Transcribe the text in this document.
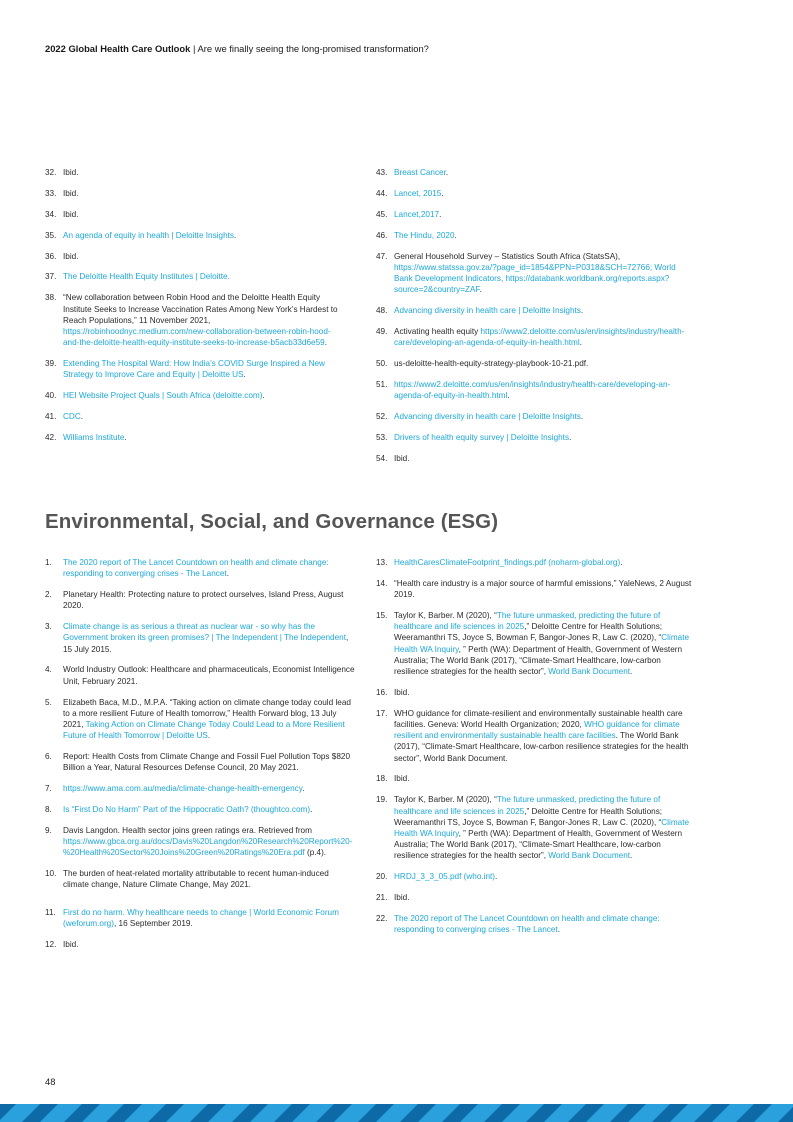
2022 Global Health Care Outlook | Are we finally seeing the long-promised transformation?
32. Ibid.
33. Ibid.
34. Ibid.
35. An agenda of equity in health | Deloitte Insights.
36. Ibid.
37. The Deloitte Health Equity Institutes | Deloitte.
38. “New collaboration between Robin Hood and the Deloitte Health Equity Institute Seeks to Increase Vaccination Rates Among New York’s Hardest to Reach Populations,” 11 November 2021, https://robinhoodnyc.medium.com/new-collaboration-between-robin-hood-and-the-deloitte-health-equity-institute-seeks-to-increase-b5acb33d6e59.
39. Extending The Hospital Ward: How India’s COVID Surge Inspired a New Strategy to Improve Care and Equity | Deloitte US.
40. HEI Website Project Quals | South Africa (deloitte.com).
41. CDC.
42. Williams Institute.
43. Breast Cancer.
44. Lancet, 2015.
45. Lancet,2017.
46. The Hindu, 2020.
47. General Household Survey – Statistics South Africa (StatsSA), https://www.statssa.gov.za/?page_id=1854&PPN=P0318&SCH=72766; World Bank Development Indicators, https://databank.worldbank.org/reports.aspx?source=2&country=ZAF.
48. Advancing diversity in health care | Deloitte Insights.
49. Activating health equity https://www2.deloitte.com/us/en/insights/industry/health-care/developing-an-agenda-of-equity-in-health.html.
50. us-deloitte-health-equity-strategy-playbook-10-21.pdf.
51. https://www2.deloitte.com/us/en/insights/industry/health-care/developing-an-agenda-of-equity-in-health.html.
52. Advancing diversity in health care | Deloitte Insights.
53. Drivers of health equity survey | Deloitte Insights.
54. Ibid.
Environmental, Social, and Governance (ESG)
1.	The 2020 report of The Lancet Countdown on health and climate change: responding to converging crises - The Lancet.
2.	Planetary Health: Protecting nature to protect ourselves, Island Press, August 2020.
3.	Climate change is as serious a threat as nuclear war - so why has the Government broken its green promises? | The Independent | The Independent, 15 July 2015.
4.	World Industry Outlook: Healthcare and pharmaceuticals, Economist Intelligence Unit, February 2021.
5.	Elizabeth Baca, M.D., M.P.A. “Taking action on climate change today could lead to a more resilient Future of Health tomorrow,” Health Forward blog, 13 July 2021, Taking Action on Climate Change Today Could Lead to a More Resilient Future of Health Tomorrow | Deloitte US.
6.	Report: Health Costs from Climate Change and Fossil Fuel Pollution Tops $820 Billion a Year, Natural Resources Defense Council, 20 May 2021.
7.	https://www.ama.com.au/media/climate-change-health-emergency.
8.	Is “First Do No Harm” Part of the Hippocratic Oath? (thoughtco.com).
9.	Davis Langdon. Health sector joins green ratings era. Retrieved from https://www.gbca.org.au/docs/Davis%20Langdon%20Research%20Report%20-%20Health%20Sector%20Joins%20Green%20Ratings%20Era.pdf (p.4).
10. The burden of heat-related mortality attributable to recent human-induced climate change, Nature Climate Change, May 2021.
11. First do no harm. Why healthcare needs to change | World Economic Forum (weforum.org), 16 September 2019.
12. Ibid.
13. HealthCaresClimateFootprint_findings.pdf (noharm-global.org).
14. “Health care industry is a major source of harmful emissions,” YaleNews, 2 August 2019.
15. Taylor K, Barber. M (2020), “The future unmasked, predicting the future of healthcare and life sciences in 2025,” Deloitte Centre for Health Solutions; Weeramanthri TS, Joyce S, Bowman F, Bangor-Jones R, Law C. (2020), “Climate Health WA Inquiry, ” Perth (WA): Department of Health, Government of Western Australia; The World Bank (2017), “Climate-Smart Healthcare, low-carbon resilience strategies for the health sector”, World Bank Document.
16. Ibid.
17. WHO guidance for climate-resilient and environmentally sustainable health care facilities. Geneva: World Health Organization; 2020, WHO guidance for climate resilient and environmentally sustainable health care facilities. The World Bank (2017), “Climate-Smart Healthcare, low-carbon resilience strategies for the health sector”, World Bank Document.
18. Ibid.
19. Taylor K, Barber. M (2020), “The future unmasked, predicting the future of healthcare and life sciences in 2025,” Deloitte Centre for Health Solutions; Weeramanthri TS, Joyce S, Bowman F, Bangor-Jones R, Law C. (2020), “Climate Health WA Inquiry, ” Perth (WA): Department of Health, Government of Western Australia; The World Bank (2017), “Climate-Smart Healthcare, low-carbon resilience strategies for the health sector”, World Bank Document.
20. HRDJ_3_3_05.pdf (who.int).
21. Ibid.
22. The 2020 report of The Lancet Countdown on health and climate change: responding to converging crises - The Lancet.
48
